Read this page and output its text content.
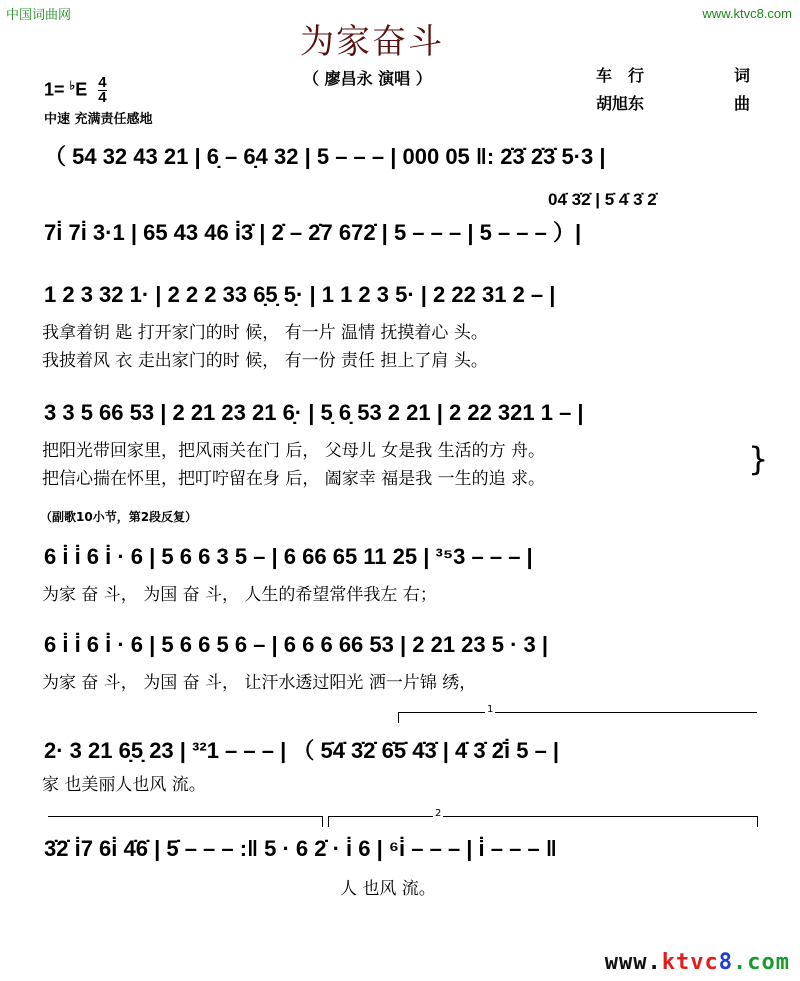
中国词曲网	www.ktvc8.com
为家奋斗
（ 廖昌永 演唱 ）
$1= ^♭E \frac{4}{4}$
中速 充满责任感地
车　行	词
胡旭东	曲
（ 54 32 43 21 | 6̣ – 6̣4 32 | 5 – – – | 000 05 ‖: 2̇3̇ 2̇3̇ 5·3 |
04̇ 3̇2̇ | 5̇ 4̇ 3̇ 2̇
7i̇ 7i̇ 3·1 | 65 43 46 i̇3̇ | 2̇ – 2̇7 672̇ | 5 – – – | 5 – – – ）|
1 2 3 32 1· | 2 2 2 33 6̣5̣ 5̣· | 1 1 2 3 5· | 2 22 31 2 – |
我拿着钥 匙 打开家门的时 候， 有一片 温情 抚摸着心 头。
我披着风 衣 走出家门的时 候， 有一份 责任 担上了肩 头。
3 3 5 66 53 | 2 21 23 21 6̣· | 5̣ 6̣ 53 2 21 | 2 22 321 1 – |
把阳光带回家里，把风雨关在门 后， 父母儿 女是我 生活的方 舟。
把信心揣在怀里，把叮咛留在身 后， 阖家幸 福是我 一生的追 求。
}
（副歌10小节，第2段反复）
6 i̇ i̇ 6 i̇ · 6 | 5 6 6 3 5 – | 6 66 65 11 25 | ³⁵3 – – – |
为家 奋 斗， 为国 奋 斗， 人生的希望常伴我左 右；
6 i̇ i̇ 6 i̇ · 6 | 5 6 6 5 6 – | 6 6 6 66 53 | 2 21 23 5 · 3 |
为家 奋 斗， 为国 奋 斗， 让汗水透过阳光 洒一片锦 绣，
1
2· 3 21 6̣5̣ 23 | ³²1 – – – | （ 5̇4̇ 3̇2̇ 6̇5̇ 4̇3̇ | 4̇ 3̇ 2̇i̇ 5 – |
家 也美丽人也风 流。
2
3̇2̇ i̇7 6i̇ 4̇6̇ | 5̇ – – – :‖ 5 · 6 2̇ · i̇ 6 | ⁶i̇ – – – | i̇ – – – ‖
人 也风 流。
www.ktvc8.com
